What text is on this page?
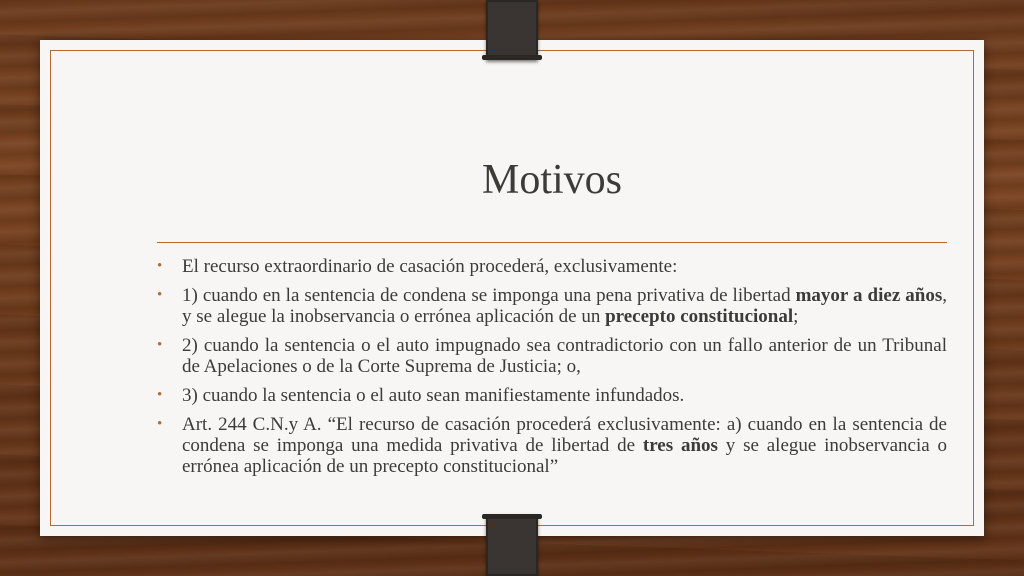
Motivos
• El recurso extraordinario de casación procederá, exclusivamente:
• 1) cuando en la sentencia de condena se imponga una pena privativa de libertad mayor a diez años, y se alegue la inobservancia o errónea aplicación de un precepto constitucional;
• 2) cuando la sentencia o el auto impugnado sea contradictorio con un fallo anterior de un Tribunal de Apelaciones o de la Corte Suprema de Justicia; o,
• 3) cuando la sentencia o el auto sean manifiestamente infundados.
• Art. 244 C.N.y A. “El recurso de casación procederá exclusivamente: a) cuando en la sentencia de condena se imponga una medida privativa de libertad de tres años y se alegue inobservancia o errónea aplicación de un precepto constitucional”
